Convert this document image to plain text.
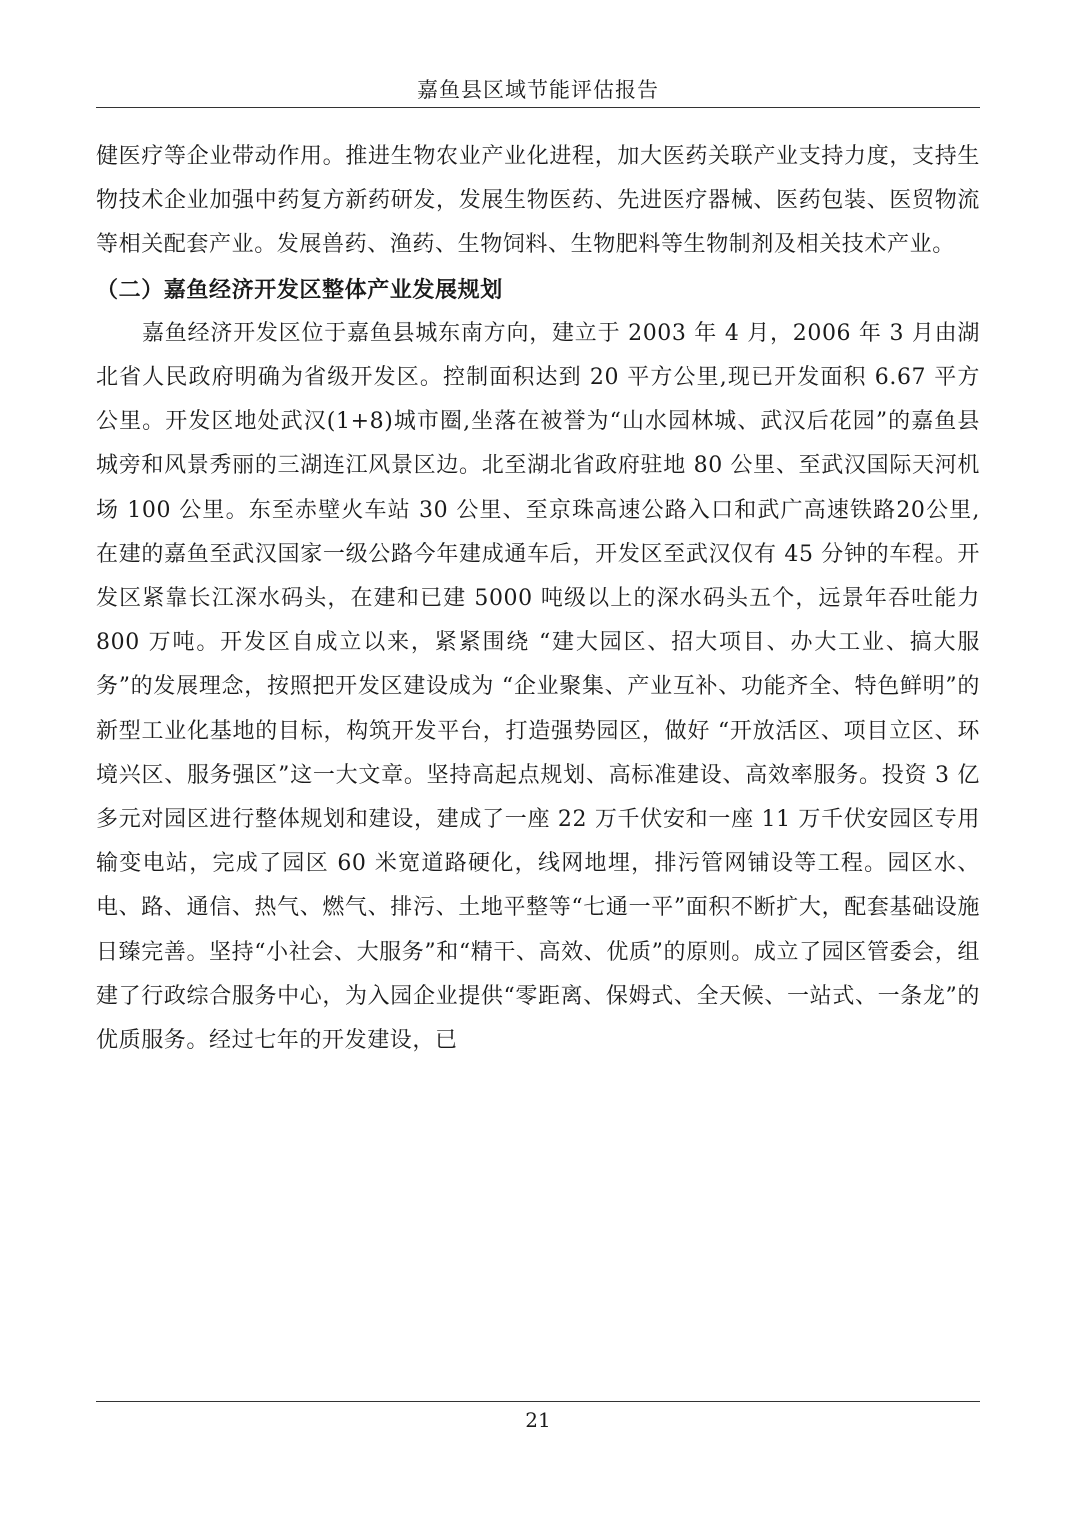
嘉鱼县区域节能评估报告

健医疗等企业带动作用。推进生物农业产业化进程，加大医药关联产业支持力度，支持生物技术企业加强中药复方新药研发，发展生物医药、先进医疗器械、医药包装、医贸物流等相关配套产业。发展兽药、渔药、生物饲料、生物肥料等生物制剂及相关技术产业。

（二）嘉鱼经济开发区整体产业发展规划

嘉鱼经济开发区位于嘉鱼县城东南方向，建立于 2003 年 4 月，2006 年 3 月由湖北省人民政府明确为省级开发区。控制面积达到 20 平方公里,现已开发面积 6.67 平方公里。开发区地处武汉(1+8)城市圈,坐落在被誉为“山水园林城、武汉后花园”的嘉鱼县城旁和风景秀丽的三湖连江风景区边。北至湖北省政府驻地 80 公里、至武汉国际天河机场 100 公里。东至赤壁火车站 30 公里、至京珠高速公路入口和武广高速铁路20公里,在建的嘉鱼至武汉国家一级公路今年建成通车后，开发区至武汉仅有 45 分钟的车程。开发区紧靠长江深水码头，在建和已建 5000 吨级以上的深水码头五个，远景年吞吐能力 800 万吨。开发区自成立以来，紧紧围绕 “建大园区、招大项目、办大工业、搞大服务”的发展理念，按照把开发区建设成为 “企业聚集、产业互补、功能齐全、特色鲜明”的新型工业化基地的目标，构筑开发平台，打造强势园区，做好 “开放活区、项目立区、环境兴区、服务强区”这一大文章。坚持高起点规划、高标准建设、高效率服务。投资 3 亿多元对园区进行整体规划和建设，建成了一座 22 万千伏安和一座 11 万千伏安园区专用输变电站，完成了园区 60 米宽道路硬化，线网地埋，排污管网铺设等工程。园区水、电、路、通信、热气、燃气、排污、土地平整等“七通一平”面积不断扩大，配套基础设施日臻完善。坚持“小社会、大服务”和“精干、高效、优质”的原则。成立了园区管委会，组建了行政综合服务中心，为入园企业提供“零距离、保姆式、全天候、一站式、一条龙”的优质服务。经过七年的开发建设，已

21
